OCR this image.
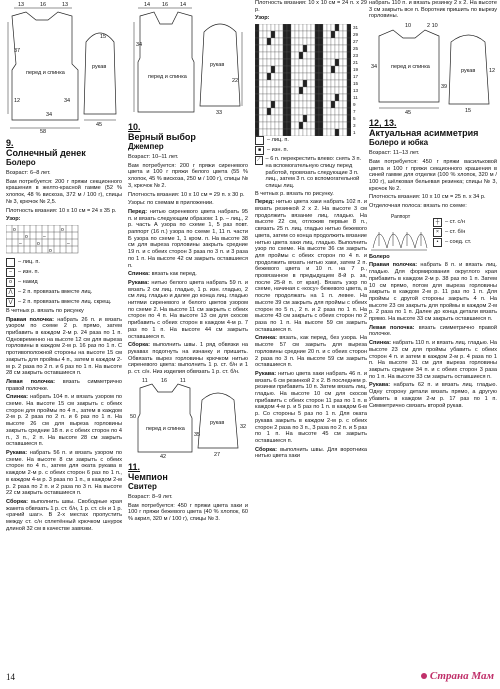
13	16	13
37
перед и спинка
рукав
12	34
58
45
15
34
9.
Солнечный денек
Болеро

Возраст: 6–8 лет.

Вам потребуется: 200 г пряжи секционного крашения в желто-красной гамме (52 % хлопок, 48 % вискоза, 372 м / 100 г), спицы № 3, крючок № 2,5.

Плотность вязания: 10 х 10 см = 24 х 35 р.

Узор:

о
о
о
о
о
–
–
–
– лиц. п.
–	– изн. п.
о	– накид
⋀ – 2 п. провязать вместе лиц.
⋁ – 2 п. провязать вместе лиц. скрещ.

В четных р. вязать по рисунку

Правая полочка: набрать 26 п. и вязать узором по схеме 2 р. прямо, затем прибавить в каждом 2-м р. 24 раза по 1 п. Одновременно на высоте 12 см для выреза горловины в каждом 2-м р. 16 раз по 1 п. С противоположной стороны на высоте 15 см закрыть для проймы 4 п., затем в каждом 2-м р. 2 раза по 2 п. и 6 раз по 1 п. На высоте 28 см закрыть оставшиеся п.

Левая полочка: вязать симметрично правой полочке.

Спинка: набрать 104 п. и вязать узором по схеме. На высоте 15 см закрыть с обеих сторон для проймы по 4 п., затем в каждом 2-м р. 2 раза по 2 п. и 6 раз по 1 п. На высоте 26 см для выреза горловины закрыть средние 18 п. и с обеих сторон по 4 п., 3 п., 2 п. На высоте 28 см закрыть оставшиеся п.

Рукава: набрать 56 п. и вязать узором по схеме. На высоте 8 см закрыть с обеих сторон по 4 п., затем для оката рукава в каждом 2-м р. с обеих сторон 6 раз по 1 п., в каждом 4-м р. 3 раза по 1 п., в каждом 2-м р. 2 раза по 2 п. и 2 раза по 3 п. На высоте 22 см закрыть оставшиеся п.

Сборка: выполнить швы. Свободные края жакета обвязать 1 р. ст. б/н, 1 р. ст. с/н и 1 р. «рачий шаг». В 2-х местах пропустить между ст. с/н сплетённый крючком шнурок длиной 32 см в качестве завязки.

14 16 14
34
перед и спинка
рукав
22
33
10.
Верный выбор
Джемпер

Возраст: 10–11 лет.

Вам потребуется: 200 г пряжи сиреневого цвета и 100 г пряжи белого цвета (55 % хлопок, 45 % вискоза, 250 м / 100 г), спицы № 3, крючок № 2.

Плотность вязания: 10 х 10 см = 29 п. х 30 р.

Узоры: по схемам в приложении.

Перед: нитью сиреневого цвета набрать 95 п. и вязать следующим образом: 1 р. – лиц., 2 р. часть А узора по схеме 1, 5 раз повт. раппорт (16 п.) узора по схеме 1, 11 п. части Б узора по схеме 1, 1 кром. п. На высоте 38 см для выреза горловины закрыть средние 19 п. и с обеих сторон 3 раза по 3 п. и 3 раза по 1 п. На высоте 42 см закрыть оставшиеся п.

Спинка: вязать как перед.

Рукава: нитью белого цвета набрать 59 п. и вязать 2 см лиц. гладью, 1 р. изн. гладью, 2 см лиц. гладью и далее до конца лиц. гладью нитями сиреневого и белого цветов узором по схеме 2. На высоте 11 см закрыть с обеих сторон по 4 п. На высоте 13 см для скосов прибавить с обеих сторон в каждом 4-м р. 7 раз по 1 п. На высоте 44 см закрыть оставшиеся п.

Сборка: выполнить швы. 1 ряд обвязки на рукавах подогнуть на изнанку и пришить. Обвязать вырез горловины крючком нитью сиреневого цвета: выполнить 1 р. ст. б/н и 1 р. ст. с/н. Низ изделия обвязать 1 р. ст. б/н.

11 16 11
50
перед и спинка
рукав
32
27
42
35
11.
Чемпион
Свитер

Возраст: 8–9 лет.

Вам потребуется: 450 г пряжи цвета хаки и 100 г пряжи бежевого цвета (40 % хлопок, 60 % акрил, 320 м / 100 г), спицы № 3.

Плотность вязания: 10 х 10 см = 24 п. х 29 р.

Узор:

31
29
27
25
23
21
19
17
15
13
11
9
7
5
3
1
– лиц. п.
■	– изн. п.
⟋ – 6 п. перекрестить влево: снять 3 п. на вспомогательную спицу перед работой, провязать следующие 3 п. лиц., затем 3 п. со вспомогательной спицы лиц.

В четных р. вязать по рисунку.

Перед: нитью цвета хаки набрать 102 п. и вязать резинкой 2 х 2. На высоте 3 см продолжить вязание лиц. гладью. На высоте 22 см, отложив первые 8 п., связать 25 п. лиц. гладью нитью бежевого цвета, затем со конца продолжить вязание нитью цвета хаки лиц. гладью. Выполнить узор по схеме. На высоте 36 см закрыть для проймы с обеих сторон по 4 п. и продолжить вязать нитью хаки, затем 2 п. бежевого цвета и 10 п. на 7 р., провязанное в предыдущем 8-й р. за, после 25-й п. от края). Вязать узор по схеме, начиная с «косу» бежевого цвета, а после продолжать на 1 п. левее. На высоте 39 см закрыть для проймы с обеих сторон по 5 п., 2 п. и 2 раза по 1 п. На высоте 43 см закрыть с обеих сторон по 2 раза по 1 п. На высоте 59 см закрыть оставшиеся п.

Спинка: вязать, как перед, без узора. На высоте 57 см закрыть для выреза горловины средние 20 п. и с обеих сторон 2 раза по 3 п. На высоте 59 см закрыть оставшиеся п.

Рукава: нитью цвета хаки набрать 46 п. и вязать 6 см резинкой 2 х 2. В последнем р. резинки прибавить 10 п. Затем вязать лиц. гладью. На высоте 10 см для скосов прибавить с обеих сторон 11 раз по 1 п. в каждом 4-м р. и 5 раз по 1 п. в каждом 6-м р. Со стороны 5 раз по 1 п. Для оката рукава закрыть в каждом 2-м р. с обеих сторон 2 раза по 3 п., 3 раза по 2 п. и 5 раз по 1 п. На высоте 45 см закрыть оставшиеся п.

Сборка: выполнить швы. Для воротника нитью цвета хаки

набрать 110 п. и вязать резинку 2 х 2. На высоте 3 см закрыть все п. Воротник пришить по вырезу горловины.

10	2 10
34	перед и спинка
рукав
45	15
12
39
12, 13.
Актуальная асимметрия
Болеро и юбка

Возраст: 11–13 лет.

Вам потребуется: 450 г пряжи васильковой цвета и 100 г пряжи секционного крашения в синей гамме для отделки (100 % хлопок, 320 м / 100 г), шёлковая бельевая резинка; спицы № 3, крючок № 2.

Плотность вязания: 10 х 10 см = 25 п. х 34 р.

Отделочная полоса: вязать по схеме:

Раппорт
┼	– ст. с/н
×	– ст. б/н
•	– соед. ст.

Болеро

Правая полочка: набрать 8 п. и вязать лиц. гладью. Для формирования округлого края прибавить в каждом 2-м р. 38 раз по 1 п. Затем 10 см прямо, потом для выреза горловины закрыть в каждом 2-м р. 11 раз по 1 п. Для проймы с другой стороны закрыть 4 п. На высоте 23 см закрыть для проймы в каждом 2-м р. 2 раза по 1 п. Далее до конца детали вязать прямо. На высоте 33 см закрыть оставшиеся п.

Левая полочка: вязать симметрично правой полочке.

Спинка: набрать 110 п. и вязать лиц. гладью. На высоте 23 см для проймы убавить с обеих сторон 4 п. и затем в каждом 2-м р. 4 раза по 1 п. На высоте 31 см для выреза горловины закрыть средние 34 п. и с обеих сторон 3 раза по 1 п. На высоте 33 см закрыть оставшиеся п.

Рукава: набрать 62 п. и вязать лиц. гладью. Одну сторону детали вязать прямо, а другую убавить в каждом 2-м р. 17 раз по 1 п. Симметрично связать второй рукав.

14	Страна Мам
